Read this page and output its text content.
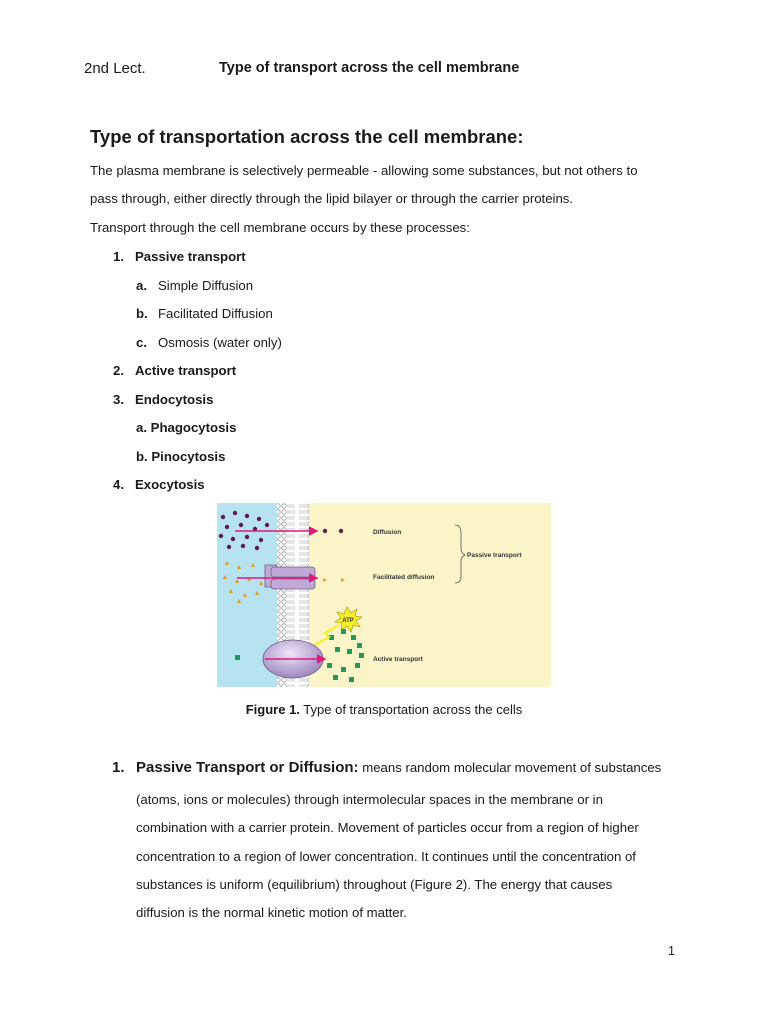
2nd Lect.	Type of transport across the cell membrane
Type of transportation across the cell membrane:
The plasma membrane is selectively permeable - allowing some substances, but not others to
pass through, either directly through the lipid bilayer or through the carrier proteins.
Transport through the cell membrane occurs by these processes:
1. Passive transport
a. Simple Diffusion
b. Facilitated Diffusion
c. Osmosis (water only)
2. Active transport
3. Endocytosis
a. Phagocytosis
b. Pinocytosis
4. Exocytosis
ATP
Diffusion
Facilitated diffusion
Passive transport
Active transport
Figure 1. Type of transportation across the cells
1. Passive Transport or Diffusion: means random molecular movement of substances
(atoms, ions or molecules) through intermolecular spaces in the membrane or in
combination with a carrier protein. Movement of particles occur from a region of higher
concentration to a region of lower concentration. It continues until the concentration of
substances is uniform (equilibrium) throughout (Figure 2). The energy that causes
diffusion is the normal kinetic motion of matter.
1
